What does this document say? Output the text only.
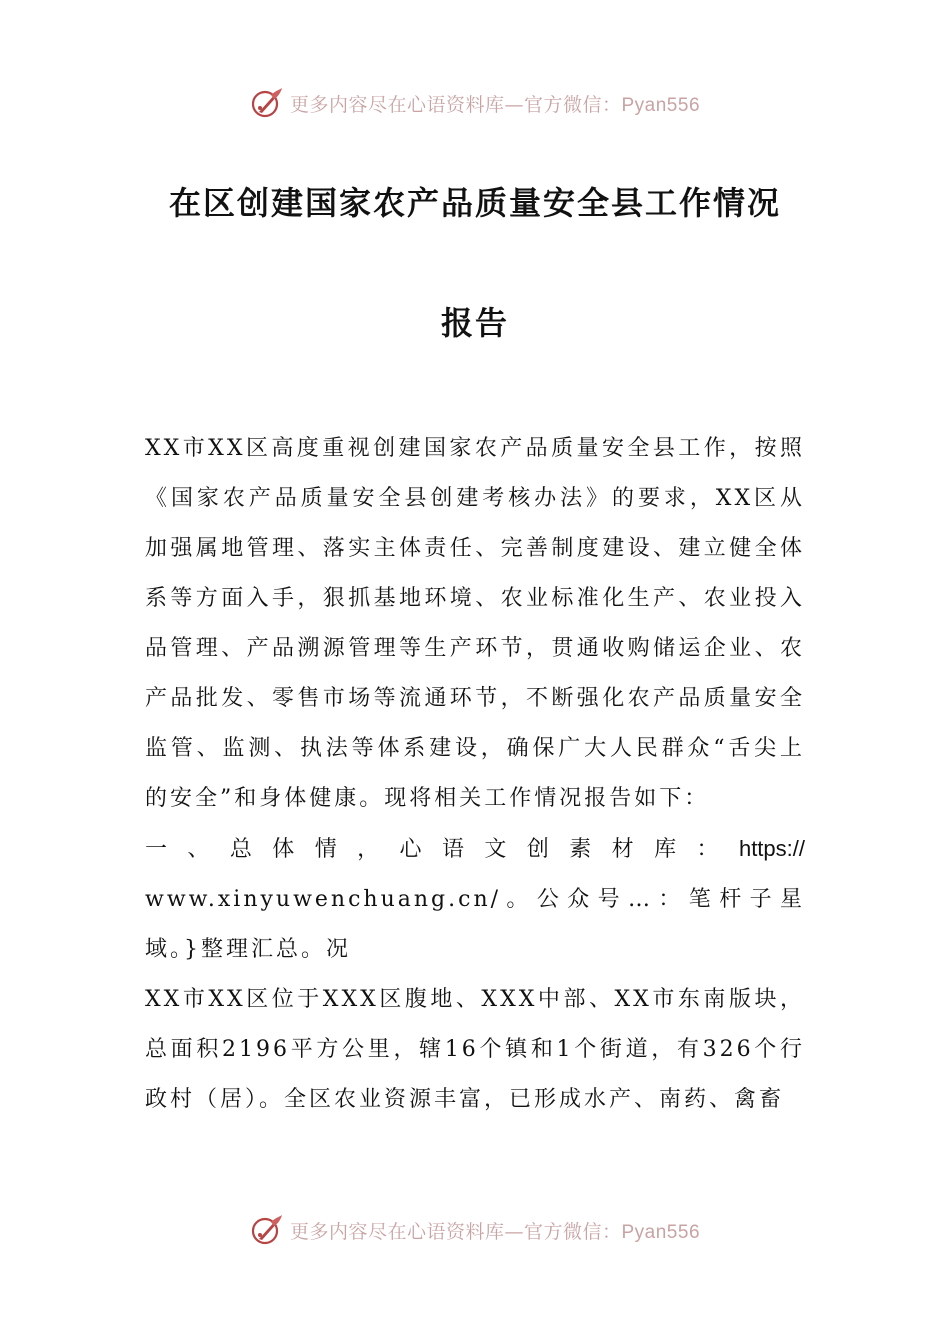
更多内容尽在心语资料库—官方微信：Pyan556
在区创建国家农产品质量安全县工作情况
报告

XX市XX区高度重视创建国家农产品质量安全县工作，按照《国家农产品质量安全县创建考核办法》的要求，XX区从加强属地管理、落实主体责任、完善制度建设、建立健全体系等方面入手，狠抓基地环境、农业标准化生产、农业投入品管理、产品溯源管理等生产环节，贯通收购储运企业、农产品批发、零售市场等流通环节，不断强化农产品质量安全监管、监测、执法等体系建设，确保广大人民群众“舌尖上的安全”和身体健康。现将相关工作情况报告如下：

一、总体情，心语文创素材库：https://
www.xinyuwenchuang.cn/。公众号…：笔杆子星域。}整理汇总。况

XX市XX区位于XXX区腹地、XXX中部、XX市东南版块，总面积2196平方公里，辖16个镇和1个街道，有326个行政村（居）。全区农业资源丰富，已形成水产、南药、禽畜

更多内容尽在心语资料库—官方微信：Pyan556
